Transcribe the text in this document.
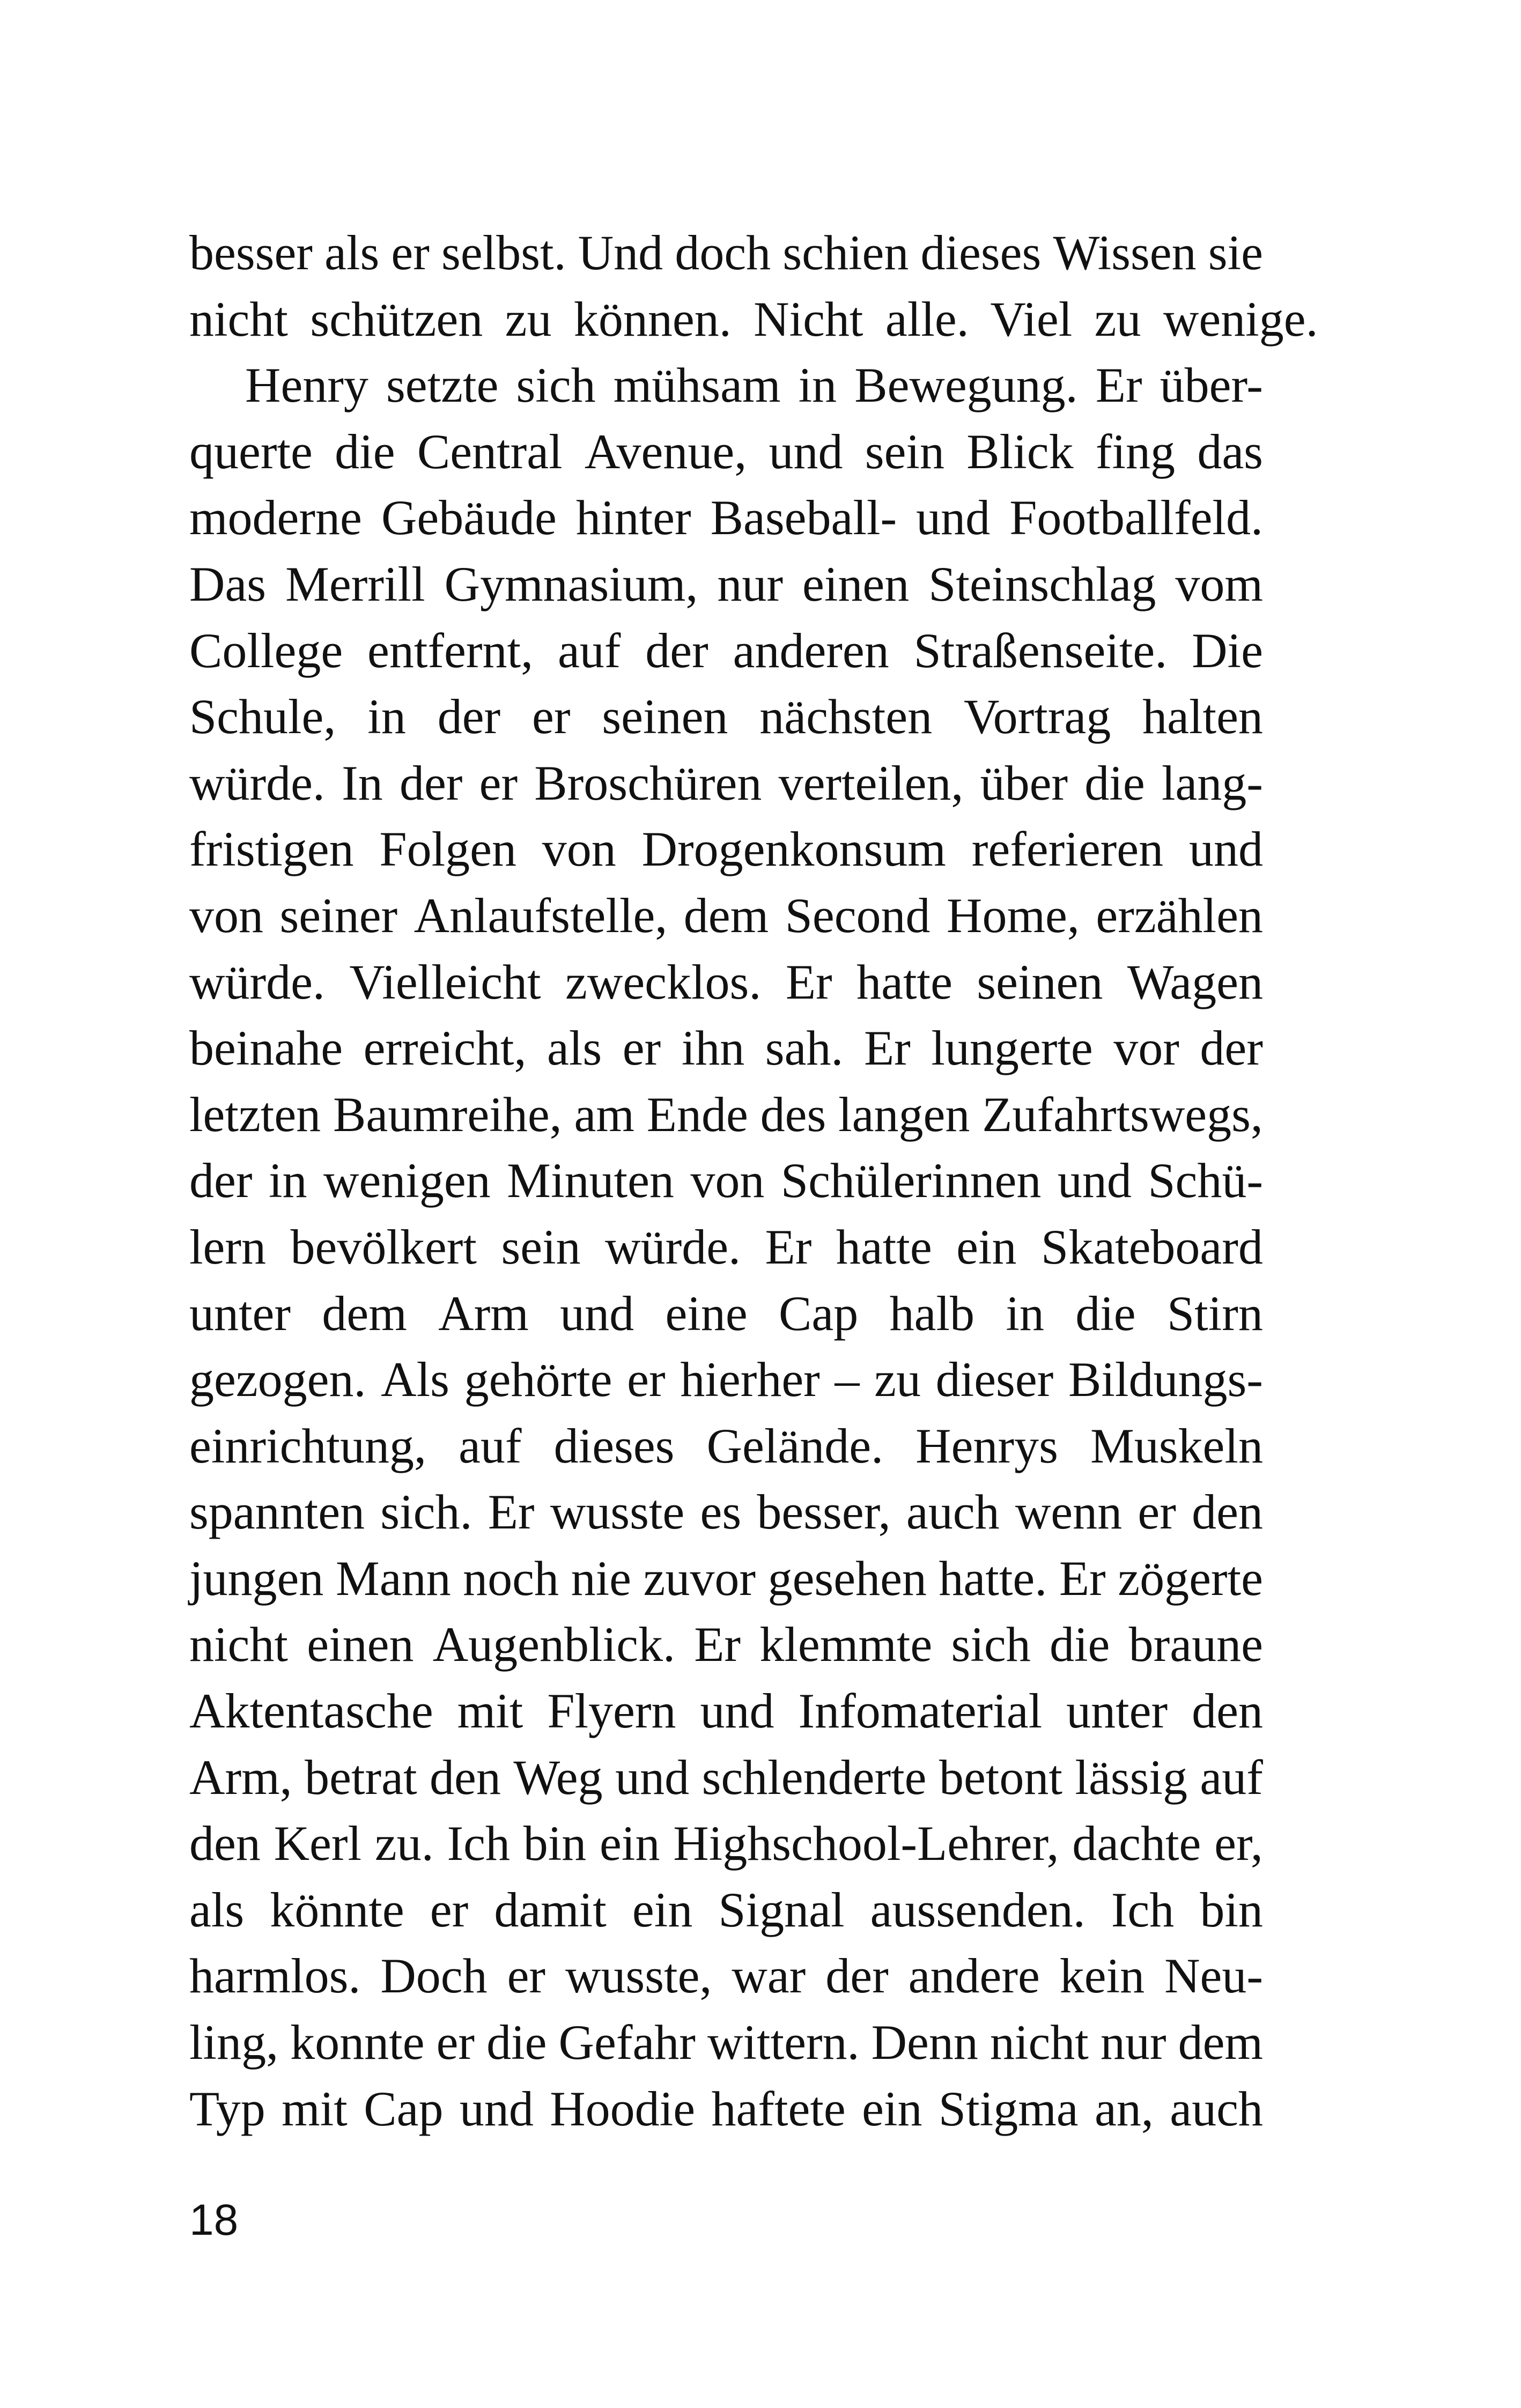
besser als er selbst. Und doch schien dieses Wissen sie
nicht schützen zu können. Nicht alle. Viel zu wenige.
Henry setzte sich mühsam in Bewegung. Er über-
querte die Central Avenue, und sein Blick fing das
moderne Gebäude hinter Baseball- und Footballfeld.
Das Merrill Gymnasium, nur einen Steinschlag vom
College entfernt, auf der anderen Straßenseite. Die
Schule, in der er seinen nächsten Vortrag halten
würde. In der er Broschüren verteilen, über die lang-
fristigen Folgen von Drogenkonsum referieren und
von seiner Anlaufstelle, dem Second Home, erzählen
würde. Vielleicht zwecklos. Er hatte seinen Wagen
beinahe erreicht, als er ihn sah. Er lungerte vor der
letzten Baumreihe, am Ende des langen Zufahrtswegs,
der in wenigen Minuten von Schülerinnen und Schü-
lern bevölkert sein würde. Er hatte ein Skateboard
unter dem Arm und eine Cap halb in die Stirn
gezogen. Als gehörte er hierher – zu dieser Bildungs-
einrichtung, auf dieses Gelände. Henrys Muskeln
spannten sich. Er wusste es besser, auch wenn er den
jungen Mann noch nie zuvor gesehen hatte. Er zögerte
nicht einen Augenblick. Er klemmte sich die braune
Aktentasche mit Flyern und Infomaterial unter den
Arm, betrat den Weg und schlenderte betont lässig auf
den Kerl zu. Ich bin ein Highschool-Lehrer, dachte er,
als könnte er damit ein Signal aussenden. Ich bin
harmlos. Doch er wusste, war der andere kein Neu-
ling, konnte er die Gefahr wittern. Denn nicht nur dem
Typ mit Cap und Hoodie haftete ein Stigma an, auch
18
